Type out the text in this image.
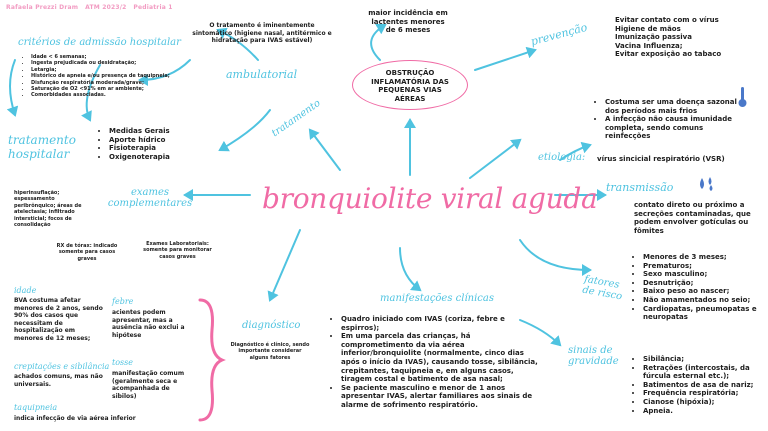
Rafaela Prezzi Dram ATM 2023/2 Pediatria 1
critérios de admissão hospitalar
• Idade < 6 semanas;
• Ingesta prejudicada ou desidratação;
• Letargia;
• Histórico de apneia e/ou presença de taquipneia;
• Disfunção respiratória moderada/grave;
• Saturação de O2 <91% em ar ambiente;
• Comorbidades associadas.
O tratamento é iminentemente sintomático (higiene nasal, antitérmico e hidratação para IVAS estável)
ambulatorial
tratamento
tratamento hospitalar
• Medidas Gerais
• Aporte hídrico
• Fisioterapia
• Oxigenoterapia
maior incidência em lactentes menores de 6 meses
OBSTRUÇÃO
INFLAMATÓRIA DAS
PEQUENAS VIAS
AÉREAS
prevenção
Evitar contato com o vírus
Higiene de mãos
Imunização passiva
Vacina Influenza;
Evitar exposição ao tabaco
• Costuma ser uma doença sazonal dos períodos mais frios
• A infecção não causa imunidade completa, sendo comuns reinfecções
etiologia: vírus sincicial respiratório (VSR)
bronquiolite viral aguda transmissão
contato direto ou próximo a secreções contaminadas, que podem envolver gotículas ou fômites
exames complementares
hiperinsuflação; espessamento peribrônquico; áreas de atelectasia; infiltrado intersticial; focos de consolidação
RX de tórax: indicado somente para casos graves
Exames Laboratoriais: somente para monitorar casos graves	• Menores de 3 meses;
• Prematuros;
• Sexo masculino;
• Desnutrição;
• Baixo peso ao nascer;
• Não amamentados no seio;
• Cardiopatas, pneumopatas e neuropatas
fatores de risco
manifestações clínicas
• Quadro iniciado com IVAS (coriza, febre e espirros);
• Em uma parcela das crianças, há comprometimento da via aérea inferior/bronquiolite (normalmente, cinco dias após o início da IVAS), causando tosse, sibilância, crepitantes, taquipneia e, em alguns casos, tiragem costal e batimento de asa nasal;
• Se paciente masculino e menor de 1 anos apresentar IVAS, alertar familiares aos sinais de alarme de sofrimento respiratório.
sinais de gravidade	• Sibilância;
• Retrações (intercostais, da fúrcula esternal etc.);
• Batimentos de asa de nariz;
• Frequência respiratória;
• Cianose (hipóxia);
• Apneia.
diagnóstico
Diagnóstico é clínico, sendo importante considerar alguns fatores
idade
BVA costuma afetar menores de 2 anos, sendo 90% dos casos que necessitam de hospitalização em menores de 12 meses;
febre
acientes podem apresentar, mas a ausência não exclui a hipótese
crepitações e sibilância
achados comuns, mas não universais.
tosse
manifestação comum (geralmente seca e acompanhada de sibilos)
taquipneia
indica infecção de via aérea inferior
